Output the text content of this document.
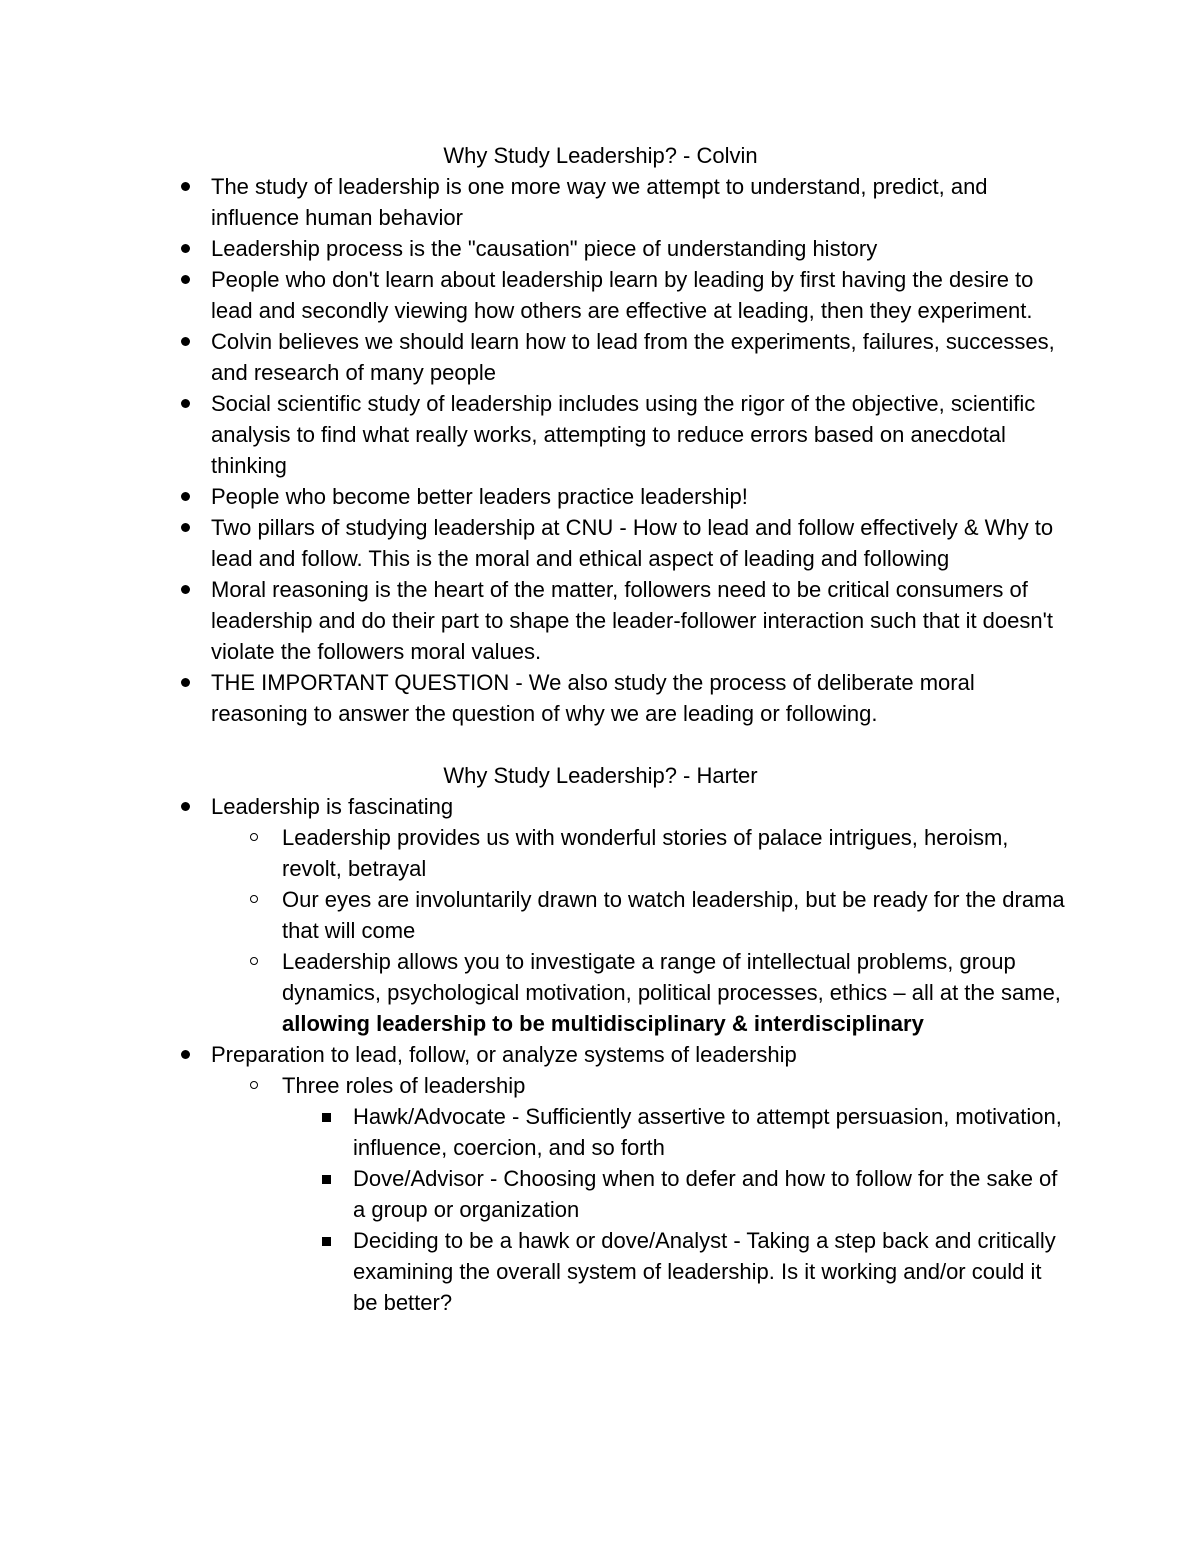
Why Study Leadership? - Colvin
The study of leadership is one more way we attempt to understand, predict, and influence human behavior
Leadership process is the "causation" piece of understanding history
People who don't learn about leadership learn by leading by first having the desire to lead and secondly viewing how others are effective at leading, then they experiment.
Colvin believes we should learn how to lead from the experiments, failures, successes, and research of many people
Social scientific study of leadership includes using the rigor of the objective, scientific analysis to find what really works, attempting to reduce errors based on anecdotal thinking
People who become better leaders practice leadership!
Two pillars of studying leadership at CNU - How to lead and follow effectively & Why to lead and follow. This is the moral and ethical aspect of leading and following
Moral reasoning is the heart of the matter, followers need to be critical consumers of leadership and do their part to shape the leader-follower interaction such that it doesn't violate the followers moral values.
THE IMPORTANT QUESTION - We also study the process of deliberate moral reasoning to answer the question of why we are leading or following.
Why Study Leadership? - Harter
Leadership is fascinating
Leadership provides us with wonderful stories of palace intrigues, heroism, revolt, betrayal
Our eyes are involuntarily drawn to watch leadership, but be ready for the drama that will come
Leadership allows you to investigate a range of intellectual problems, group dynamics, psychological motivation, political processes, ethics – all at the same, allowing leadership to be multidisciplinary & interdisciplinary
Preparation to lead, follow, or analyze systems of leadership
Three roles of leadership
Hawk/Advocate - Sufficiently assertive to attempt persuasion, motivation, influence, coercion, and so forth
Dove/Advisor - Choosing when to defer and how to follow for the sake of a group or organization
Deciding to be a hawk or dove/Analyst - Taking a step back and critically examining the overall system of leadership. Is it working and/or could it be better?
